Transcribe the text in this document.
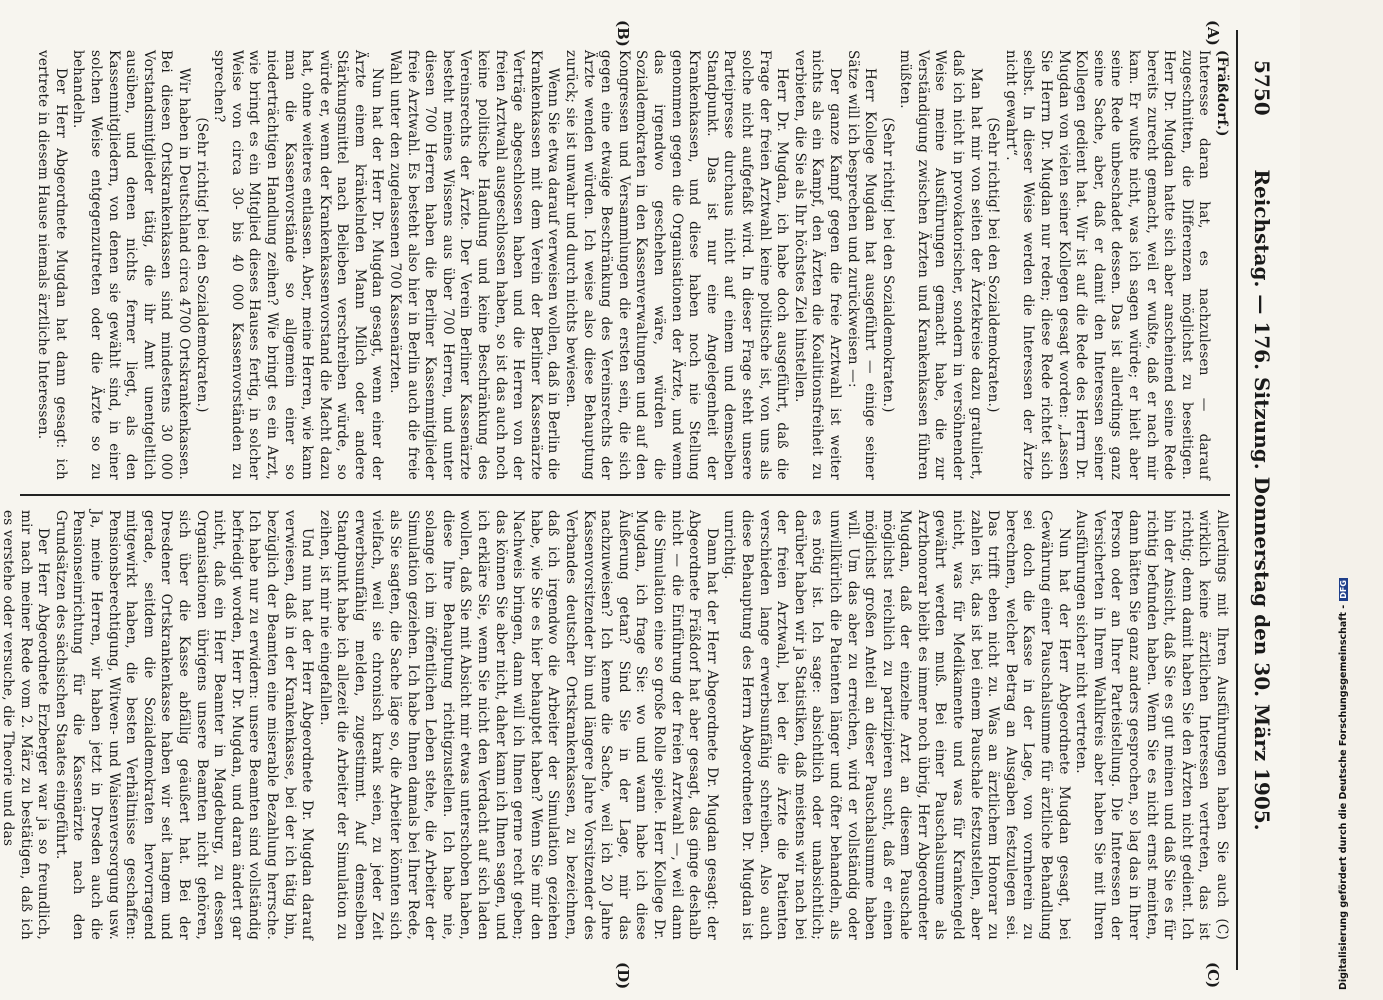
5750
Reichstag. — 176. Sitzung. Donnerstag den 30. März 1905.
(A)
(B)
(C)
(D)

(Fräßdorf.)

Interesse daran hat, es nachzulesen — darauf zugeschnitten, die Differenzen möglichst zu beseitigen. Herr Dr. Mugdan hatte sich aber anscheinend seine Rede bereits zurecht gemacht, weil er wußte, daß er nach mir kam. Er wußte nicht, was ich sagen würde; er hielt aber seine Rede unbeschadet dessen. Das ist allerdings ganz seine Sache, aber, daß er damit den Interessen seiner Kollegen gedient hat. Wir ist auf die Rede des Herrn Dr. Mugdan von vielen seiner Kollegen gesagt worden: „Lassen Sie Herrn Dr. Mugdan nur reden; diese Rede richtet sich selbst. In dieser Weise werden die Interessen der Ärzte nicht gewahrt“.

(Sehr richtig! bei den Sozialdemokraten.)

Man hat mir von seiten der Ärztekreise dazu gratuliert, daß ich nicht in provokatorischer, sondern in versöhnender Weise meine Ausführungen gemacht habe, die zur Verständigung zwischen Ärzten und Krankenkassen führen müßten.

(Sehr richtig! bei den Sozialdemokraten.)

Herr Kollege Mugdan hat ausgeführt — einige seiner Sätze will ich besprechen und zurückweisen —:

Der ganze Kampf gegen die freie Arztwahl ist weiter nichts als ein Kampf, den Ärzten die Koalitionsfreiheit zu verbieten, die Sie als Ihr höchstes Ziel hinstellen.

Herr Dr. Mugdan, ich habe doch ausgeführt, daß die Frage der freien Arztwahl keine politische ist, von uns als solche nicht aufgefaßt wird. In dieser Frage steht unsere Parteipresse durchaus nicht auf einem und demselben Standpunkt. Das ist nur eine Angelegenheit der Krankenkassen, und diese haben noch nie Stellung genommen gegen die Organisationen der Ärzte, und wenn das irgendwo geschehen wäre, würden die Sozialdemokraten in den Kassenverwaltungen und auf den Kongressen und Versammlungen die ersten sein, die sich gegen eine etwaige Beschränkung des Vereinsrechts der Ärzte wenden würden. Ich weise also diese Behauptung zurück; sie ist unwahr und durch nichts bewiesen.

Wenn Sie etwa darauf verweisen wollen, daß in Berlin die Krankenkassen mit dem Verein der Berliner Kassenärzte Verträge abgeschlossen haben und die Herren von der freien Arztwahl ausgeschlossen haben, so ist das auch noch keine politische Handlung und keine Beschränkung des Vereinsrechts der Ärzte. Der Verein Berliner Kassenärzte besteht meines Wissens aus über 700 Herren, und unter diesen 700 Herren haben die Berliner Kassenmitglieder freie Arztwahl. Es besteht also hier in Berlin auch die freie Wahl unter den zugelassenen 700 Kassenärzten.

Nun hat der Herr Dr. Mugdan gesagt, wenn einer der Ärzte einem kränkelnden Mann Milch oder andere Stärkungsmittel nach Belieben verschreiben würde, so würde er, wenn der Krankenkassenvorstand die Macht dazu hat, ohne weiteres entlassen. Aber, meine Herren, wie kann man die Kassenvorstände so allgemein einer so niederträchtigen Handlung zeihen? Wie bringt es ein Arzt, wie bringt es ein Mitglied dieses Hauses fertig, in solcher Weise von circa 30- bis 40 000 Kassenvorständen zu sprechen?

(Sehr richtig! bei den Sozialdemokraten.)

Wir haben in Deutschland circa 4700 Ortskrankenkassen. Bei diesen Ortskrankenkassen sind mindestens 30 000 Vorstandsmitglieder tätig, die ihr Amt unentgeltlich ausüben, und denen nichts ferner liegt, als den Kassenmitgliedern, von denen sie gewählt sind, in einer solchen Weise entgegenzutreten oder die Ärzte so zu behandeln.

Der Herr Abgeordnete Mugdan hat dann gesagt: ich vertrete in diesem Hause niemals ärztliche Interessen.

Allerdings mit Ihren Ausführungen haben Sie auch (C) wirklich keine ärztlichen Interessen vertreten, das ist richtig; denn damit haben Sie den Ärzten nicht gedient. Ich bin der Ansicht, daß Sie es gut meinen und daß Sie es für richtig befunden haben. Wenn Sie es nicht ernst meinten, dann hätten Sie ganz anders gesprochen, so lag das in Ihrer Person oder an Ihrer Parteistellung. Die Interessen der Versicherten in Ihrem Wahlkreis aber haben Sie mit Ihren Ausführungen sicher nicht vertreten.

Nun hat der Herr Abgeordnete Mugdan gesagt, bei Gewährung einer Pauschalsumme für ärztliche Behandlung sei doch die Kasse in der Lage, von vornherein zu berechnen, welcher Betrag an Ausgaben festzulegen sei. Das trifft eben nicht zu. Was an ärztlichem Honorar zu zahlen ist, das ist bei einem Pauschale festzustellen, aber nicht, was für Medikamente und was für Krankengeld gewährt werden muß. Bei einer Pauschalsumme als Arzthonorar bleibt es immer noch übrig, Herr Abgeordneter Mugdan, daß der einzelne Arzt an diesem Pauschale möglichst reichlich zu partizipieren sucht, daß er einen möglichst großen Anteil an dieser Pauschalsumme haben will. Um das aber zu erreichen, wird er vollständig oder unwillkürlich die Patienten länger und öfter behandeln, als es nötig ist. Ich sage: absichtlich oder unabsichtlich; darüber haben wir ja Statistiken, daß meistens wir nach bei der freien Arztwahl, bei der die Ärzte die Patienten verschieden lange erwerbsunfähig schreiben. Also auch diese Behauptung des Herrn Abgeordneten Dr. Mugdan ist unrichtig.

Dann hat der Herr Abgeordnete Dr. Mugdan gesagt: der Abgeordnete Fräßdorf hat aber gesagt, das gingе deshalb nicht — die Einführung der freien Arztwahl —, weil dann die Simulation eine so große Rolle spiele. Herr Kollege Dr. Mugdan, ich frage Sie: wo und wann habe ich diese Äußerung getan? Sind Sie in der Lage, mir das nachzuweisen? Ich kenne die Sache, weil ich 20 Jahre Kassenvorsitzender bin und längere Jahre Vorsitzender des Verbandes deutscher Ortskrankenkassen, zu bezeichnen, daß ich irgendwo die Arbeiter der Simulation geziehen habe, wie Sie es hier behauptet haben? Wenn Sie mir den Nachweis bringen, dann will ich Ihnen gerne recht geben; das können Sie aber nicht, daher kann ich Ihnen sagen, und ich erkläre Sie, wenn Sie nicht den Verdacht auf sich laden wollen, daß Sie mit Absicht mir etwas unterschoben haben, diese Ihre Behauptung richtigzustellen. Ich habe nie, solange ich im öffentlichen Leben stehe, die Arbeiter der Simulation geziehen. Ich habe Ihnen damals bei Ihrer Rede, als Sie sagten, die Sache läge so, die Arbeiter könnten sich vielfach, weil sie chronisch krank seien, zu jeder Zeit erwerbsunfähig melden, zugestimmt. Auf demselben Standpunkt habe ich allezeit die Arbeiter der Simulation zu zeihen, ist mir nie eingefallen.

Und nun hat der Herr Abgeordnete Dr. Mugdan darauf verwiesen, daß in der Krankenkasse, bei der ich tätig bin, bezüglich der Beamten eine miserable Bezahlung herrsche. Ich habe nur zu erwidern: unsere Beamten sind vollständig befriedigt worden, Herr Dr. Mugdan, und daran ändert gar nicht, daß ein Herr Beamter in Magdeburg, zu dessen Organisationen übrigens unsere Beamten nicht gehören, sich über die Kasse abfällig geäußert hat. Bei der Dresdener Ortskrankenkasse haben wir seit langem und gerade, seitdem die Sozialdemokraten hervorragend mitgewirkt haben, die besten Verhältnisse geschaffen: Pensionsberechtigung, Witwen- und Waisenversorgung usw. Ja, meine Herren, wir haben jetzt in Dresden auch die Pensionseinrichtung für die Kassenärzte nach den Grundsätzen des sächsischen Staates eingeführt.

Der Herr Abgeordnete Erzberger war ja so freundlich, mir nach meiner Rede vom 2. März zu bestätigen, daß ich es verstehe oder versuche, die Theorie und das	Digitalisierung gefördert durch die Deutsche Forschungsgemeinschaft -DFG
